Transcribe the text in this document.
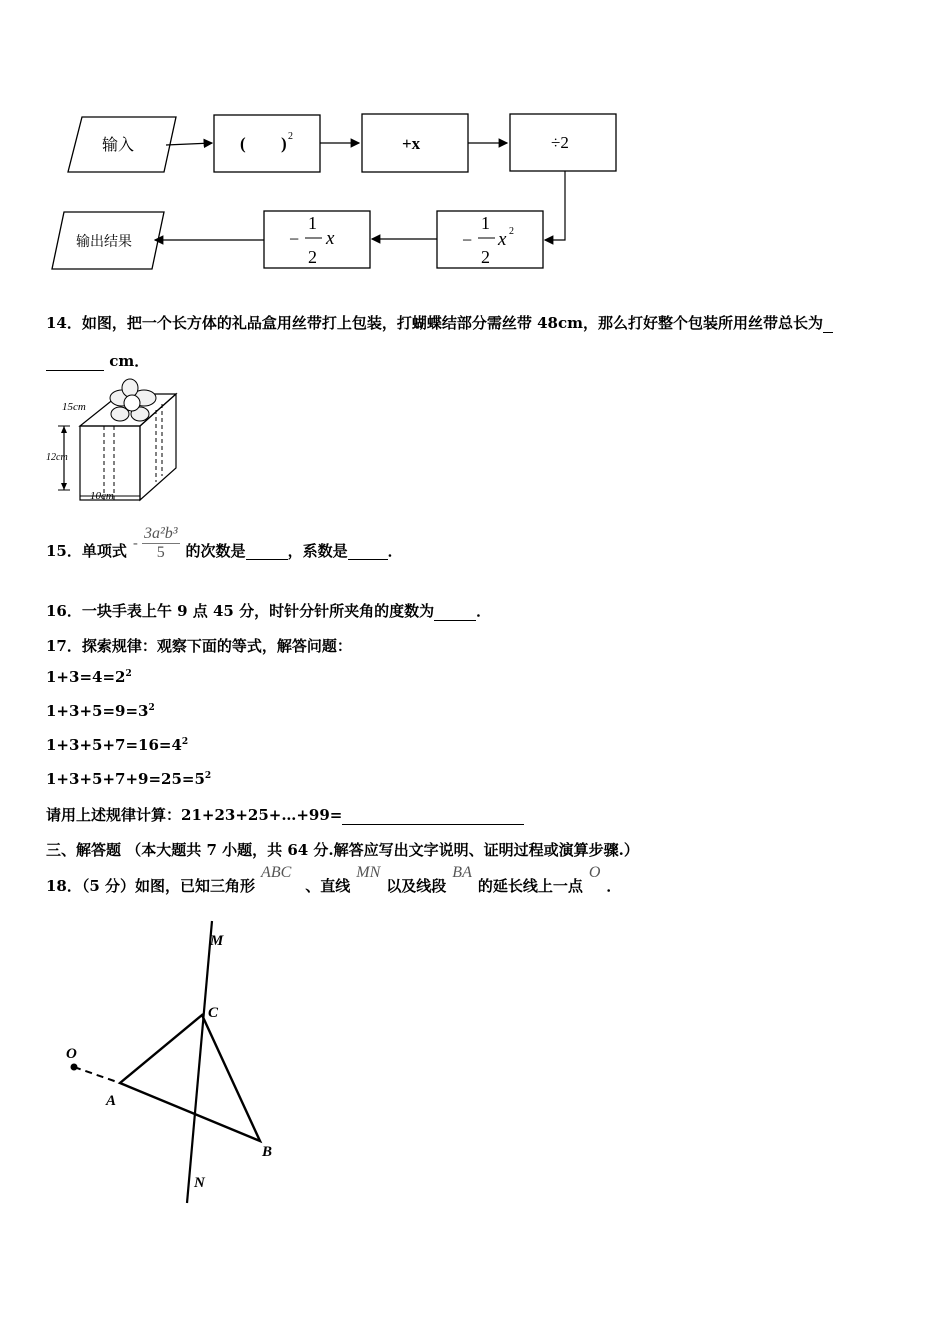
输入	( ) 2	+x	÷2
−
1
2
x 2
−
1
2
x
输出结果
14．如图，把一个长方体的礼品盒用丝带打上包装，打蝴蝶结部分需丝带 48cm，那么打好整个包装所用丝带总长为
cm．
15cm
12cm
10cm
15．单项式 - $\frac{\text{3a²b³}}{5}$ 的次数是
	，系数是
	．
16．一块手表上午 9 点 45 分，时针分针所夹角的度数为	．
17．探索规律：观察下面的等式，解答问题：
$1+3=4=2^2$
$1+3+5=9=3^2$
$1+3+5+7=16=4^2$
$1+3+5+7+9=25=5^2$
请用上述规律计算：21+23+25+…+99=
三、解答题 （本大题共 7 小题，共 64 分.解答应写出文字说明、证明过程或演算步骤.）
18．（5 分）如图，已知三角形
ABC
、直线
MN
以及线段
BA
的延长线上一点
O
．
M
C
O
A
B
N
